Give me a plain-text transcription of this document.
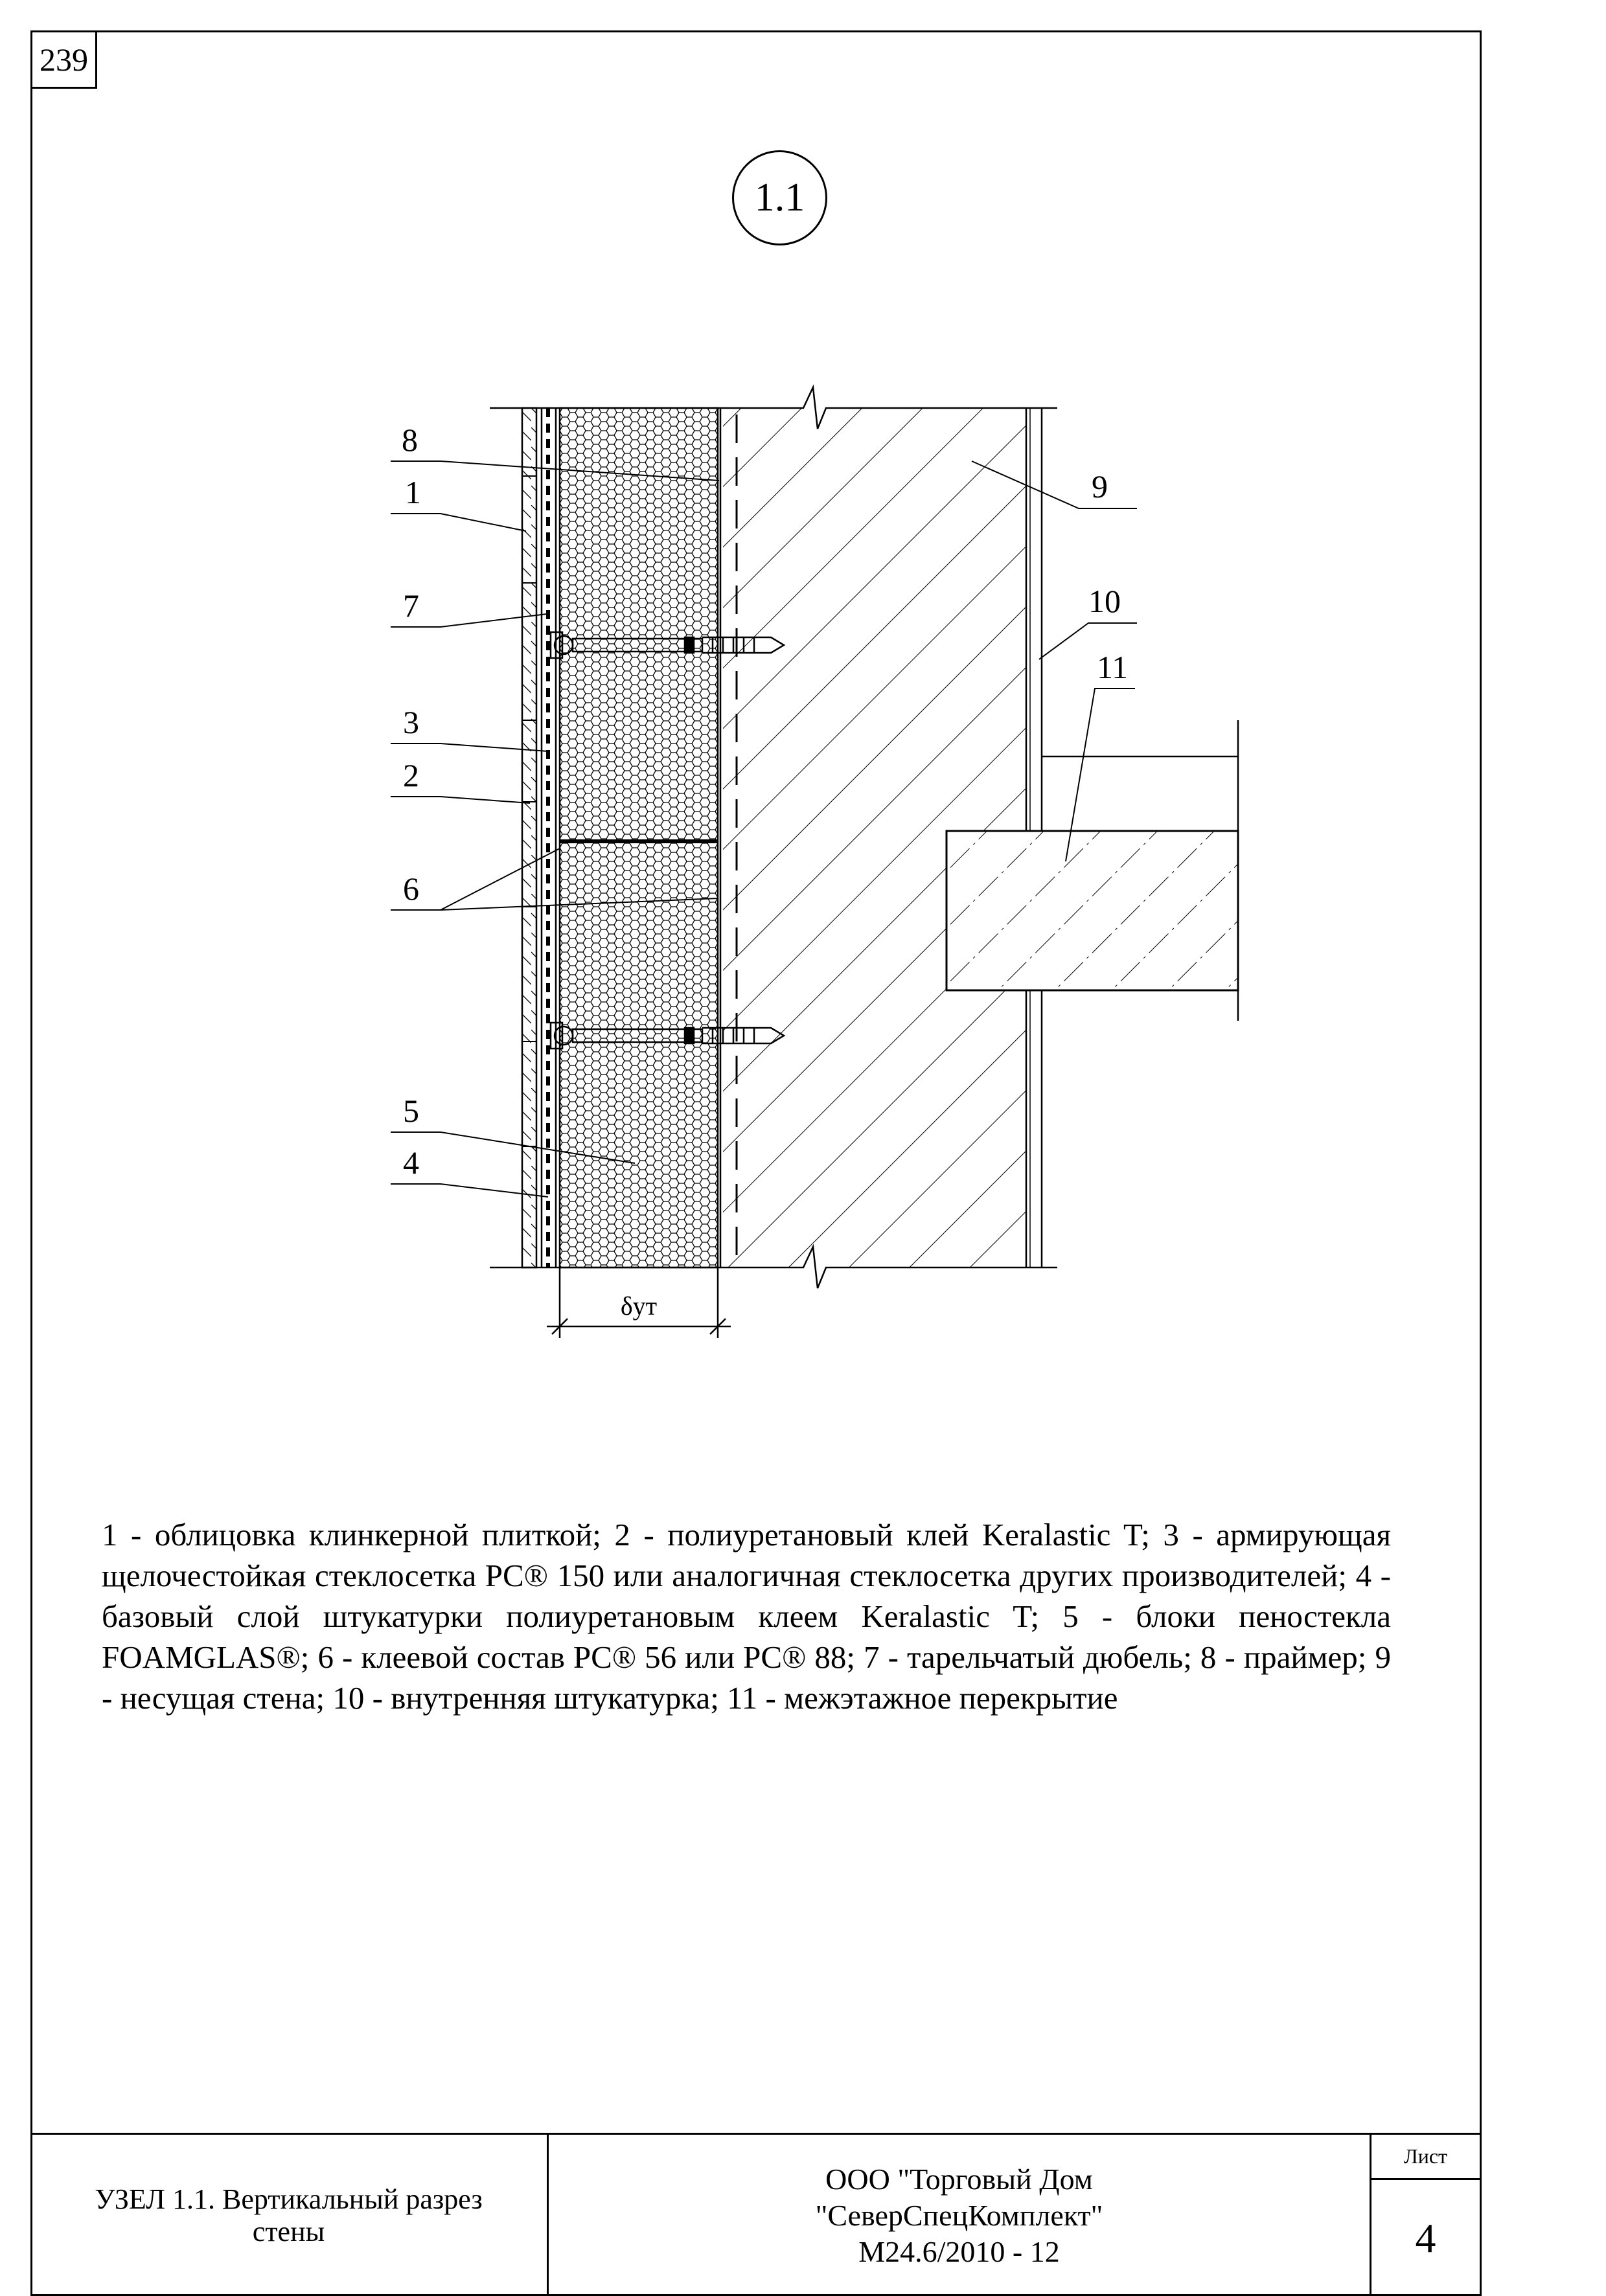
239
1.1
δут
8
1
7
3
2
6
5
4
9
10
11

1 - облицовка клинкерной плиткой; 2 - полиуретановый клей Keralastic T; 3 - армирующая щелочестойкая стеклосетка PC® 150 или аналогичная стеклосетка других производителей; 4 - базовый слой штукатурки полиуретановым клеем Keralastic T; 5 - блоки пеностекла FOAMGLAS®; 6 - клеевой состав PC® 56 или PC® 88; 7 - тарельчатый дюбель; 8 - праймер; 9 - несущая стена; 10 - внутренняя штукатурка; 11 - межэтажное перекрытие

УЗЕЛ 1.1. Вертикальный разрез стены
ООО "Торговый Дом
"СеверСпецКомплект"
М24.6/2010 - 12
Лист
4
